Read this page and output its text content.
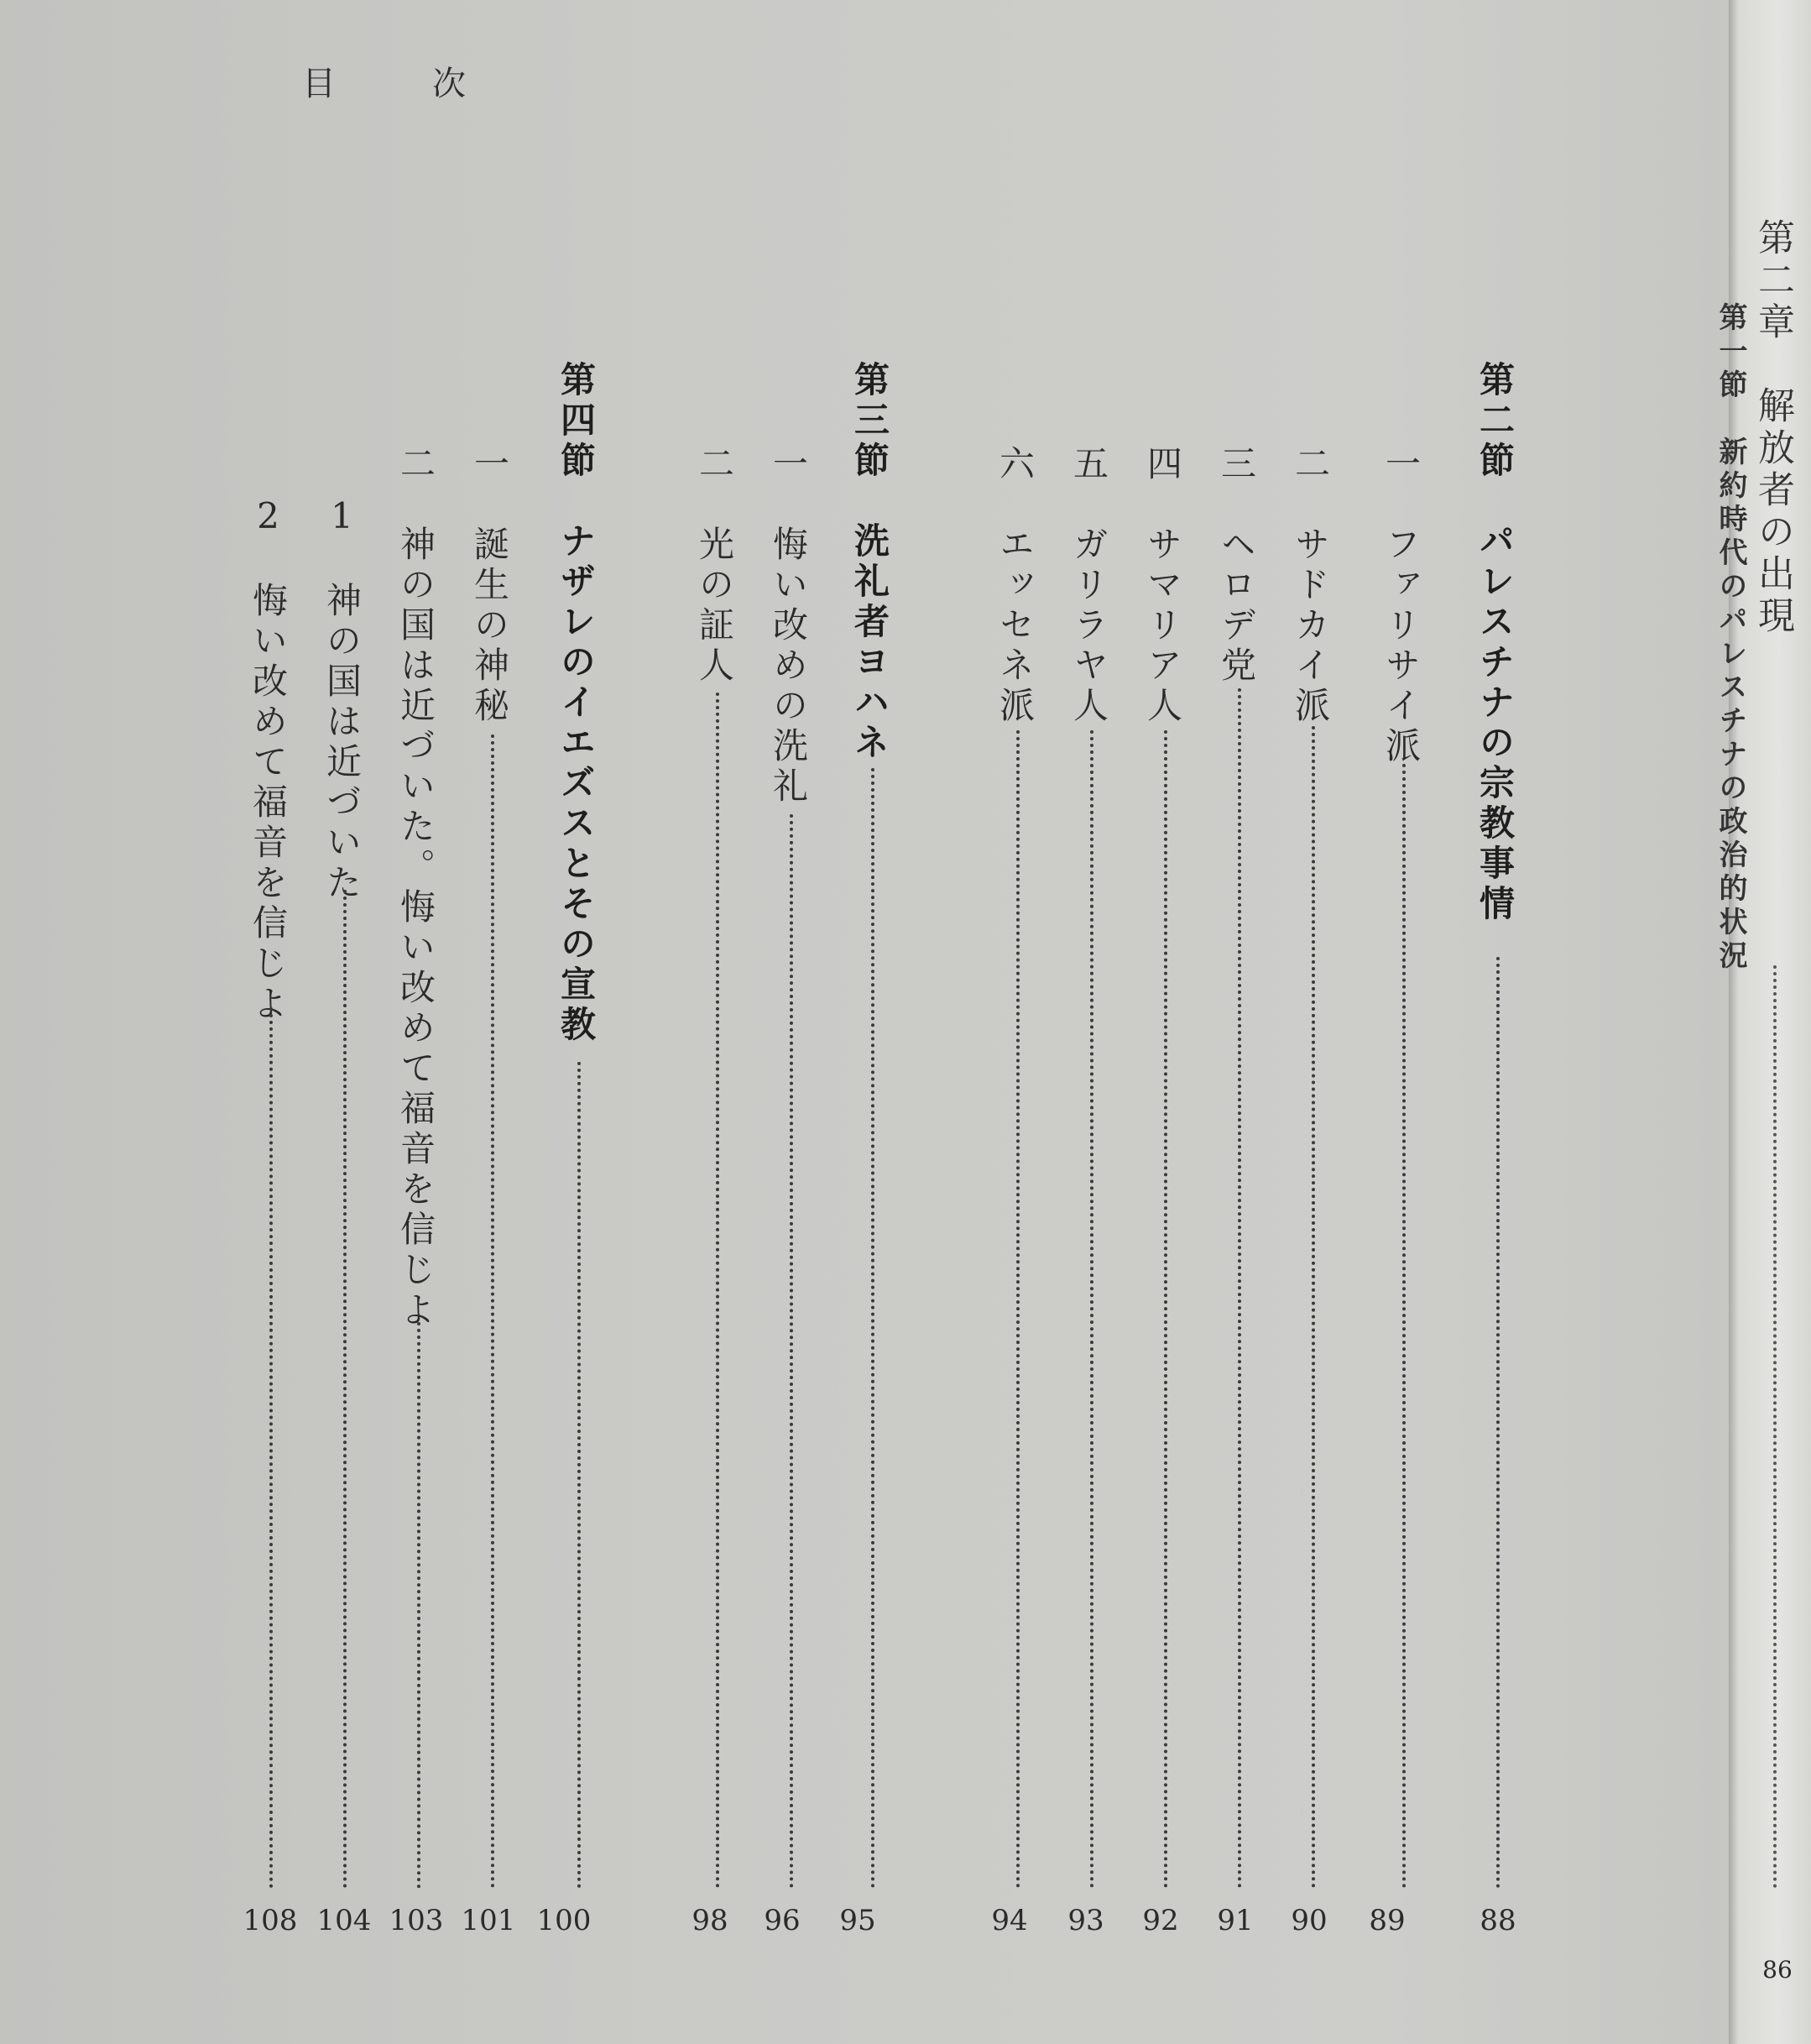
目	次
第二節　パレスチナの宗教事情
88
一　ファリサイ派
89
二　サドカイ派
90
三　ヘロデ党
91
四　サマリア人
92
五　ガリラヤ人
93
六　エッセネ派
94
第三節　洗礼者ヨハネ
95
一　悔い改めの洗礼
96
二　光の証人
98
第四節　ナザレのイエズスとその宣教
100
一　誕生の神秘
101
二　神の国は近づいた。悔い改めて福音を信じよ
103
1　神の国は近づいた
104
2　悔い改めて福音を信じよ
108
第二章　解放者の出現
第一節　新約時代のパレスチナの政治的状況
86
